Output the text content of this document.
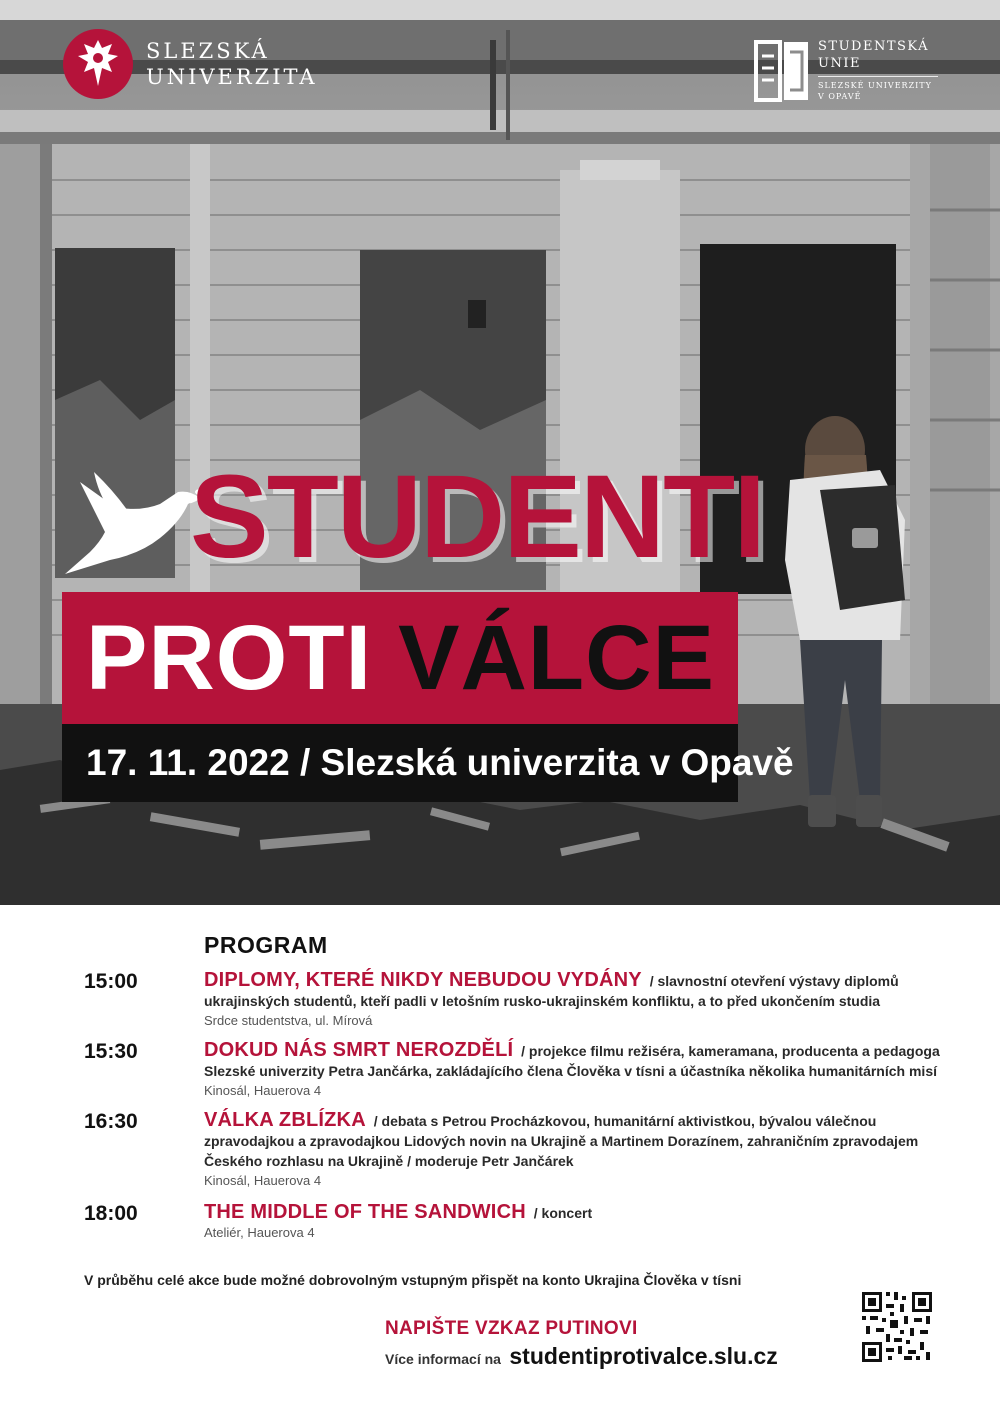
SLEZSKÁ
UNIVERZITA
STUDENTSKÁ
UNIE
SLEZSKÉ UNIVERZITY
V OPAVĚ
STUDENTI
PROTI VÁLCE
17. 11. 2022 / Slezská univerzita v Opavě
PROGRAM
15:00	DIPLOMY, KTERÉ NIKDY NEBUDOU VYDÁNY / slavnostní otevření výstavy diplomů ukrajinských studentů, kteří padli v letošním rusko-ukrajinském konfliktu, a to před ukončením studia
Srdce studentstva, ul. Mírová
15:30	DOKUD NÁS SMRT NEROZDĚLÍ / projekce filmu režiséra, kameramana, producenta a pedagoga Slezské univerzity Petra Jančárka, zakládajícího člena Člověka v tísni a účastníka několika humanitárních misí
Kinosál, Hauerova 4
16:30	VÁLKA ZBLÍZKA / debata s Petrou Procházkovou, humanitární aktivistkou, bývalou válečnou zpravodajkou a zpravodajkou Lidových novin na Ukrajině a Martinem Dorazínem, zahraničním zpravodajem Českého rozhlasu na Ukrajině / moderuje Petr Jančárek
Kinosál, Hauerova 4
18:00	THE MIDDLE OF THE SANDWICH / koncert
Ateliér, Hauerova 4
V průběhu celé akce bude možné dobrovolným vstupným přispět na konto Ukrajina Člověka v tísni
NAPIŠTE VZKAZ PUTINOVI
Více informací na studentiprotivalce.slu.cz
